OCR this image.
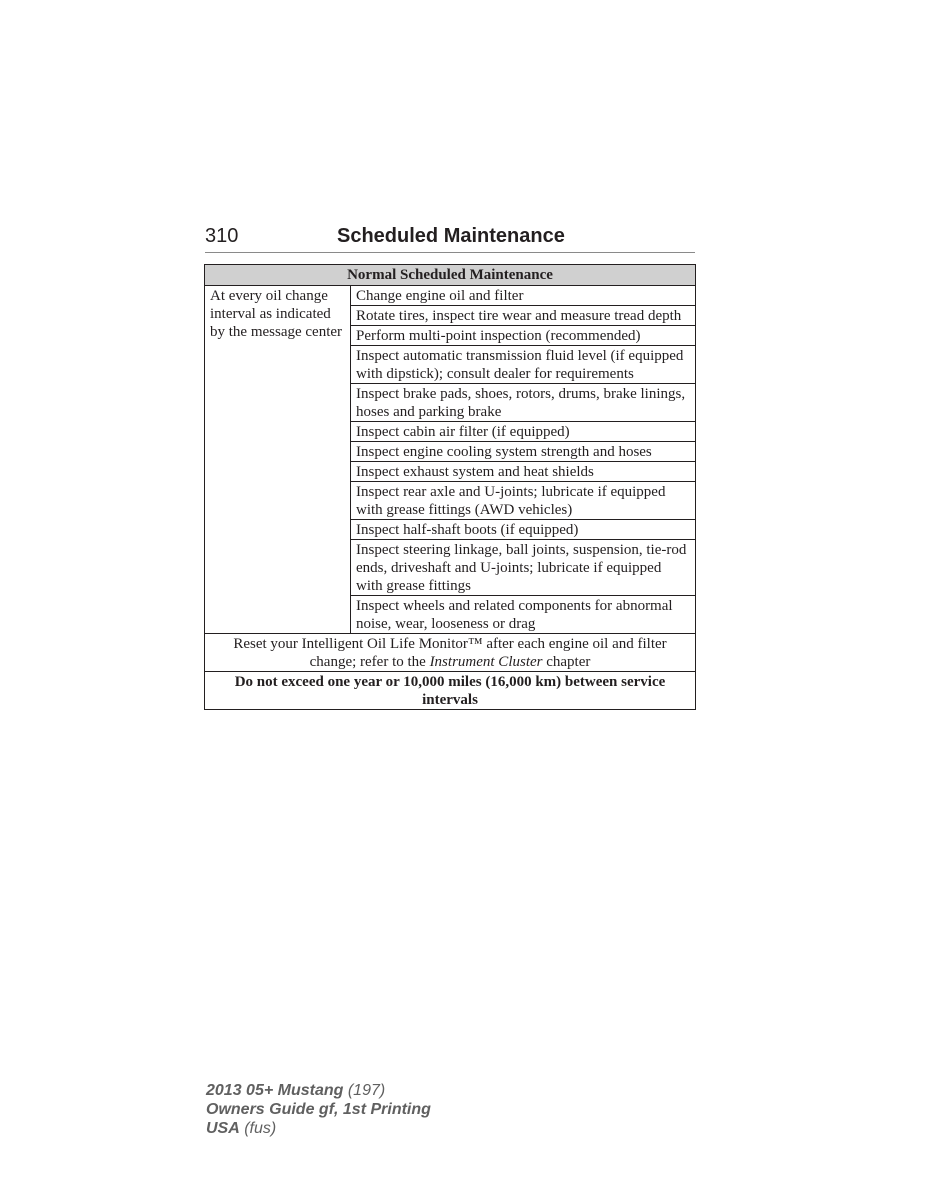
310	Scheduled Maintenance
Normal Scheduled Maintenance
At every oil change interval as indicated by the message center	Change engine oil and filter
Rotate tires, inspect tire wear and measure tread depth
Perform multi-point inspection (recommended)
Inspect automatic transmission fluid level (if equipped with dipstick); consult dealer for requirements
Inspect brake pads, shoes, rotors, drums, brake linings, hoses and parking brake
Inspect cabin air filter (if equipped)
Inspect engine cooling system strength and hoses
Inspect exhaust system and heat shields
Inspect rear axle and U-joints; lubricate if equipped with grease fittings (AWD vehicles)
Inspect half-shaft boots (if equipped)
Inspect steering linkage, ball joints, suspension, tie-rod ends, driveshaft and U-joints; lubricate if equipped with grease fittings
Inspect wheels and related components for abnormal noise, wear, looseness or drag
Reset your Intelligent Oil Life Monitor™ after each engine oil and filter change; refer to the Instrument Cluster chapter
Do not exceed one year or 10,000 miles (16,000 km) between service intervals
2013 05+ Mustang (197)
Owners Guide gf, 1st Printing
USA (fus)
